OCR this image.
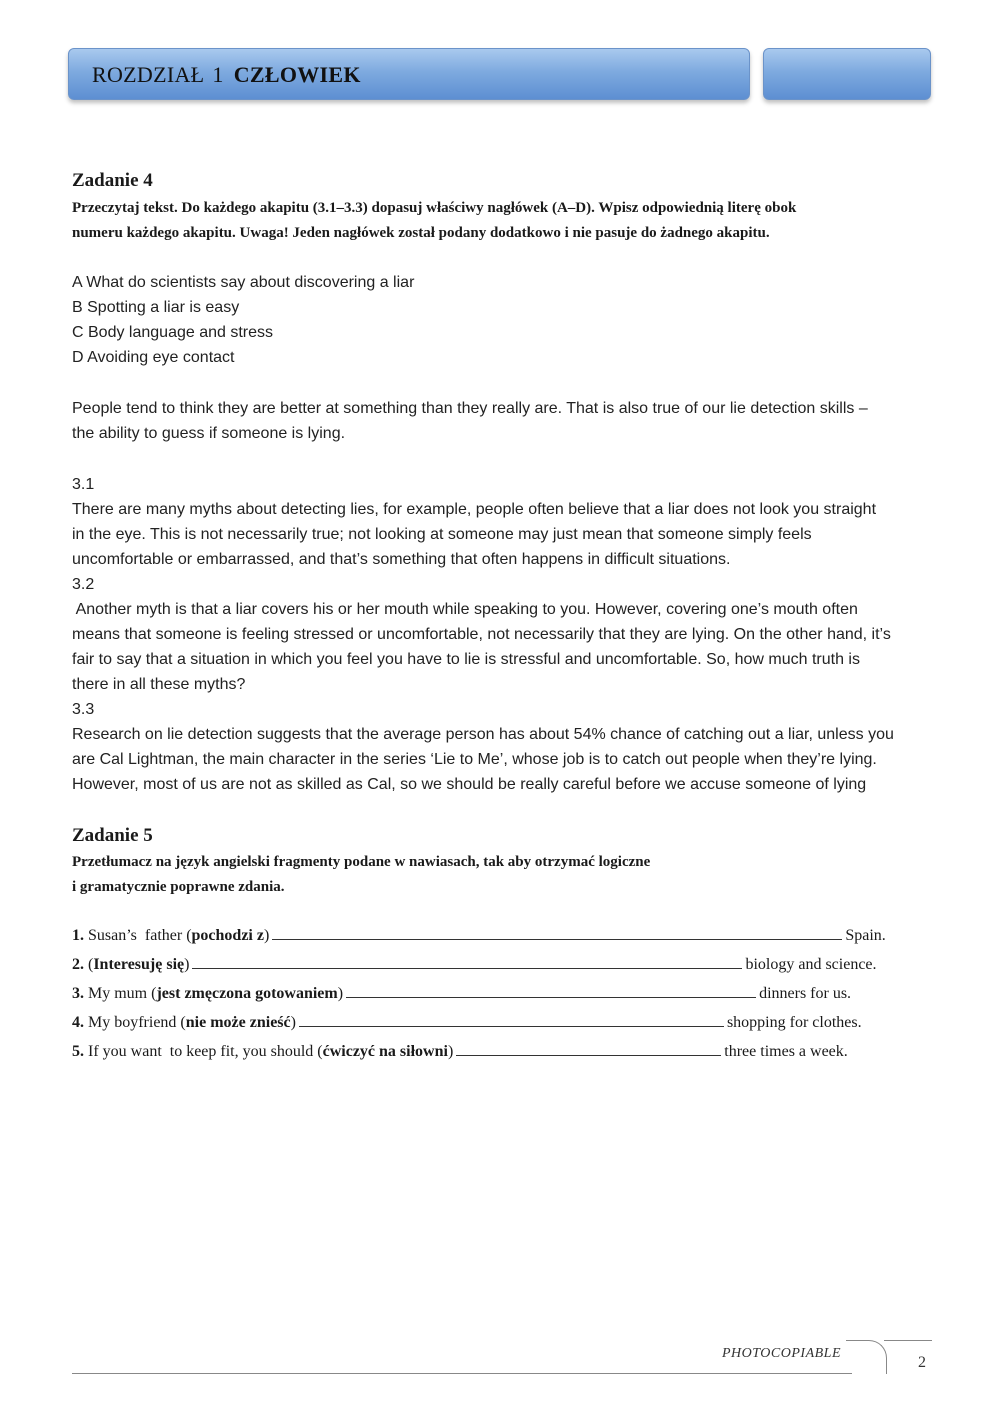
ROZDZIAŁ 1 CZŁOWIEK
Zadanie 4
Przeczytaj tekst. Do każdego akapitu (3.1–3.3) dopasuj właściwy nagłówek (A–D). Wpisz odpowiednią literę obok
numeru każdego akapitu. Uwaga! Jeden nagłówek został podany dodatkowo i nie pasuje do żadnego akapitu.
A What do scientists say about discovering a liar
B Spotting a liar is easy
C Body language and stress
D Avoiding eye contact
People tend to think they are better at something than they really are. That is also true of our lie detection skills –
the ability to guess if someone is lying.
3.1
There are many myths about detecting lies, for example, people often believe that a liar does not look you straight
in the eye. This is not necessarily true; not looking at someone may just mean that someone simply feels
uncomfortable or embarrassed, and that’s something that often happens in difficult situations.
3.2
Another myth is that a liar covers his or her mouth while speaking to you. However, covering one’s mouth often
means that someone is feeling stressed or uncomfortable, not necessarily that they are lying. On the other hand, it’s
fair to say that a situation in which you feel you have to lie is stressful and uncomfortable. So, how much truth is
there in all these myths?
3.3
Research on lie detection suggests that the average person has about 54% chance of catching out a liar, unless you
are Cal Lightman, the main character in the series ‘Lie to Me’, whose job is to catch out people when they’re lying.
However, most of us are not as skilled as Cal, so we should be really careful before we accuse someone of lying
Zadanie 5
Przetłumacz na język angielski fragmenty podane w nawiasach, tak aby otrzymać logiczne
i gramatycznie poprawne zdania.
1. Susan’s  father (pochodzi z)	Spain.
2. (Interesuję się)	biology and science.
3. My mum (jest zmęczona gotowaniem)	dinners for us.
4. My boyfriend (nie może znieść)	shopping for clothes.
5. If you want  to keep fit, you should (ćwiczyć na siłowni)	three times a week.
PHOTOCOPIABLE
2
